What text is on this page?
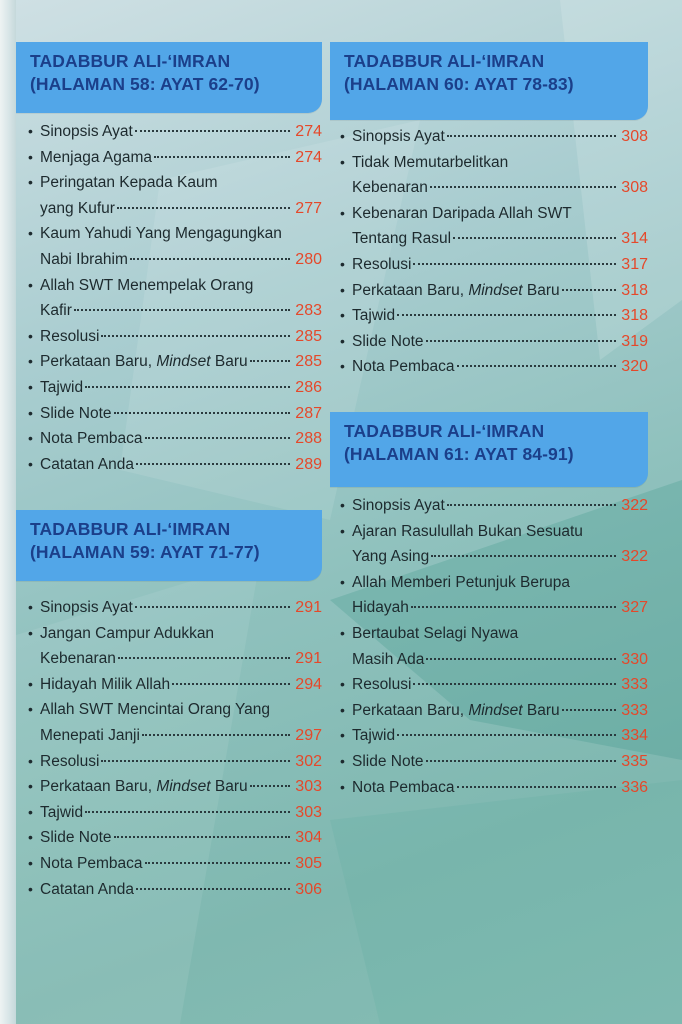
TADABBUR ALI-‘IMRAN
(HALAMAN 58: AYAT 62-70)
• Sinopsis Ayat	274
• Menjaga Agama	274
• Peringatan Kepada Kaum
yang Kufur	277
• Kaum Yahudi Yang Mengagungkan
Nabi Ibrahim	280
• Allah SWT Menempelak Orang
Kafir	283
• Resolusi	285
• Perkataan Baru, Mindset Baru	285
• Tajwid	286
• Slide Note	287
• Nota Pembaca	288
• Catatan Anda	289
TADABBUR ALI-‘IMRAN
(HALAMAN 59: AYAT 71-77)
• Sinopsis Ayat	291
• Jangan Campur Adukkan
Kebenaran	291
• Hidayah Milik Allah	294
• Allah SWT Mencintai Orang Yang
Menepati Janji	297
• Resolusi	302
• Perkataan Baru, Mindset Baru	303
• Tajwid	303
• Slide Note	304
• Nota Pembaca	305
• Catatan Anda	306
TADABBUR ALI-‘IMRAN
(HALAMAN 60: AYAT 78-83)
• Sinopsis Ayat	308
• Tidak Memutarbelitkan
Kebenaran	308
• Kebenaran Daripada Allah SWT
Tentang Rasul	314
• Resolusi	317
• Perkataan Baru, Mindset Baru	318
• Tajwid	318
• Slide Note	319
• Nota Pembaca	320
TADABBUR ALI-‘IMRAN
(HALAMAN 61: AYAT 84-91)
• Sinopsis Ayat	322
• Ajaran Rasulullah Bukan Sesuatu
Yang Asing	322
• Allah Memberi Petunjuk Berupa
Hidayah	327
• Bertaubat Selagi Nyawa
Masih Ada	330
• Resolusi	333
• Perkataan Baru, Mindset Baru	333
• Tajwid	334
• Slide Note	335
• Nota Pembaca	336
